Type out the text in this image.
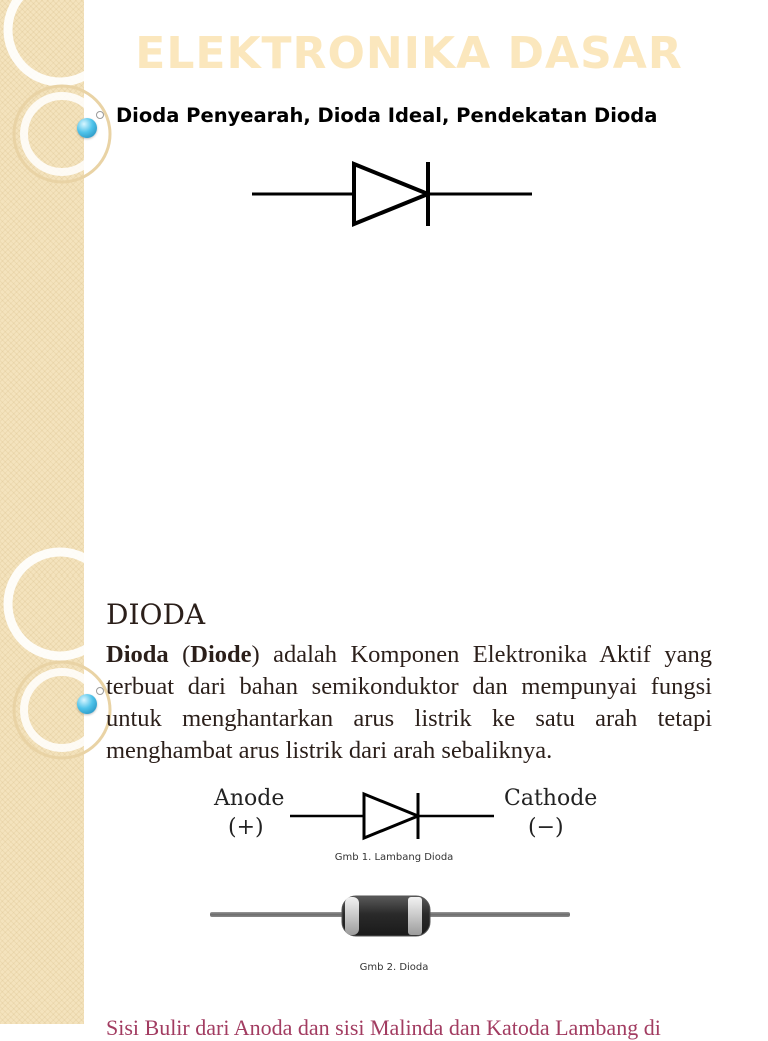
ELEKTRONIKA DASAR

Dioda Penyearah, Dioda Ideal, Pendekatan Dioda

DIODA

Dioda (Diode) adalah Komponen Elektronika Aktif yang terbuat dari bahan semikonduktor dan mempunyai fungsi untuk menghantarkan arus listrik ke satu arah tetapi menghambat arus listrik dari arah sebaliknya.

Anode
(+)
Cathode
(−)
Gmb 1. Lambang Dioda
Gmb 2. Dioda

Sisi Bulir dari Anoda dan sisi Malinda dan Katoda Lambang di
